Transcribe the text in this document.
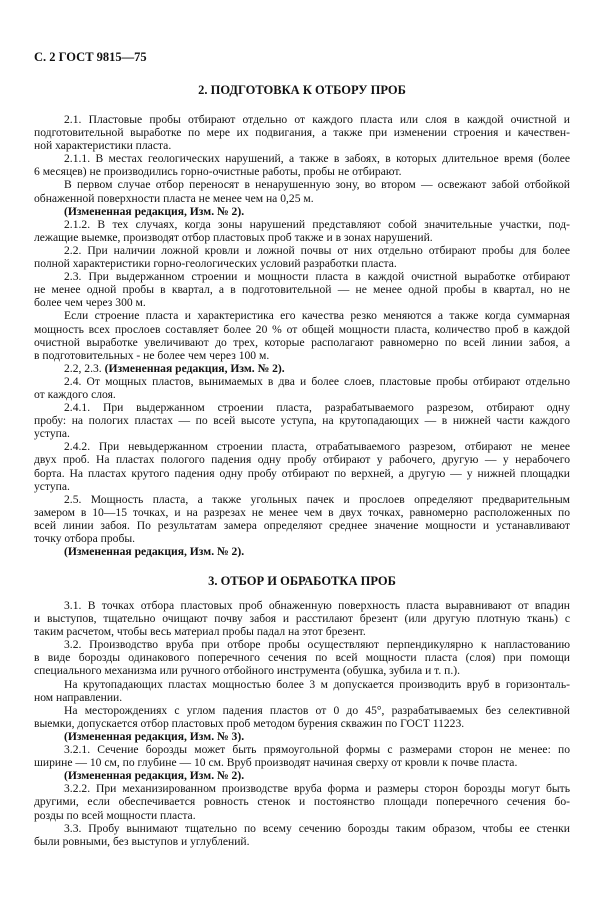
С. 2 ГОСТ 9815—75
2. ПОДГОТОВКА К ОТБОРУ ПРОБ
2.1. Пластовые пробы отбирают отдельно от каждого пласта или слоя в каждой очистной и
подготовительной выработке по мере их подвигания, а также при изменении строения и качествен-
ной характеристики пласта.
2.1.1. В местах геологических нарушений, а также в забоях, в которых длительное время (более
6 месяцев) не производились горно-очистные работы, пробы не отбирают.
В первом случае отбор переносят в ненарушенную зону, во втором — освежают забой отбойкой
обнаженной поверхности пласта не менее чем на 0,25 м.
(Измененная редакция, Изм. № 2).
2.1.2. В тех случаях, когда зоны нарушений представляют собой значительные участки, под-
лежащие выемке, производят отбор пластовых проб также и в зонах нарушений.
2.2. При наличии ложной кровли и ложной почвы от них отдельно отбирают пробы для более
полной характеристики горно-геологических условий разработки пласта.
2.3. При выдержанном строении и мощности пласта в каждой очистной выработке отбирают
не менее одной пробы в квартал, а в подготовительной — не менее одной пробы в квартал, но не
более чем через 300 м.
Если строение пласта и характеристика его качества резко меняются а также когда суммарная
мощность всех прослоев составляет более 20 % от общей мощности пласта, количество проб в каждой
очистной выработке увеличивают до трех, которые располагают равномерно по всей линии забоя, а
в подготовительных - не более чем через 100 м.
2.2, 2.3. (Измененная редакция, Изм. № 2).
2.4. От мощных пластов, вынимаемых в два и более слоев, пластовые пробы отбирают отдельно
от каждого слоя.
2.4.1. При выдержанном строении пласта, разрабатываемого разрезом, отбирают одну
пробу: на пологих пластах — по всей высоте уступа, на крутопадающих — в нижней части каждого
уступа.
2.4.2. При невыдержанном строении пласта, отрабатываемого разрезом, отбирают не менее
двух проб. На пластах пологого падения одну пробу отбирают у рабочего, другую — у нерабочего
борта. На пластах крутого падения одну пробу отбирают по верхней, а другую — у нижней площадки
уступа.
2.5. Мощность пласта, а также угольных пачек и прослоев определяют предварительным
замером в 10—15 точках, и на разрезах не менее чем в двух точках, равномерно расположенных по
всей линии забоя. По результатам замера определяют среднее значение мощности и устанавливают
точку отбора пробы.
(Измененная редакция, Изм. № 2).
3. ОТБОР И ОБРАБОТКА ПРОБ
3.1. В точках отбора пластовых проб обнаженную поверхность пласта выравнивают от впадин
и выступов, тщательно очищают почву забоя и расстилают брезент (или другую плотную ткань) с
таким расчетом, чтобы весь материал пробы падал на этот брезент.
3.2. Производство вруба при отборе пробы осуществляют перпендикулярно к напластованию
в виде борозды одинакового поперечного сечения по всей мощности пласта (слоя) при помощи
специального механизма или ручного отбойного инструмента (обушка, зубила и т. п.).
На крутопадающих пластах мощностью более 3 м допускается производить вруб в горизонталь-
ном направлении.
На месторождениях с углом падения пластов от 0 до 45°, разрабатываемых без селективной
выемки, допускается отбор пластовых проб методом бурения скважин по ГОСТ 11223.
(Измененная редакция, Изм. № 3).
3.2.1. Сечение борозды может быть прямоугольной формы с размерами сторон не менее: по
ширине — 10 см, по глубине — 10 см. Вруб производят начиная сверху от кровли к почве пласта.
(Измененная редакция, Изм. № 2).
3.2.2. При механизированном производстве вруба форма и размеры сторон борозды могут быть
другими, если обеспечивается ровность стенок и постоянство площади поперечного сечения бо-
розды по всей мощности пласта.
3.3. Пробу вынимают тщательно по всему сечению борозды таким образом, чтобы ее стенки
были ровными, без выступов и углублений.
